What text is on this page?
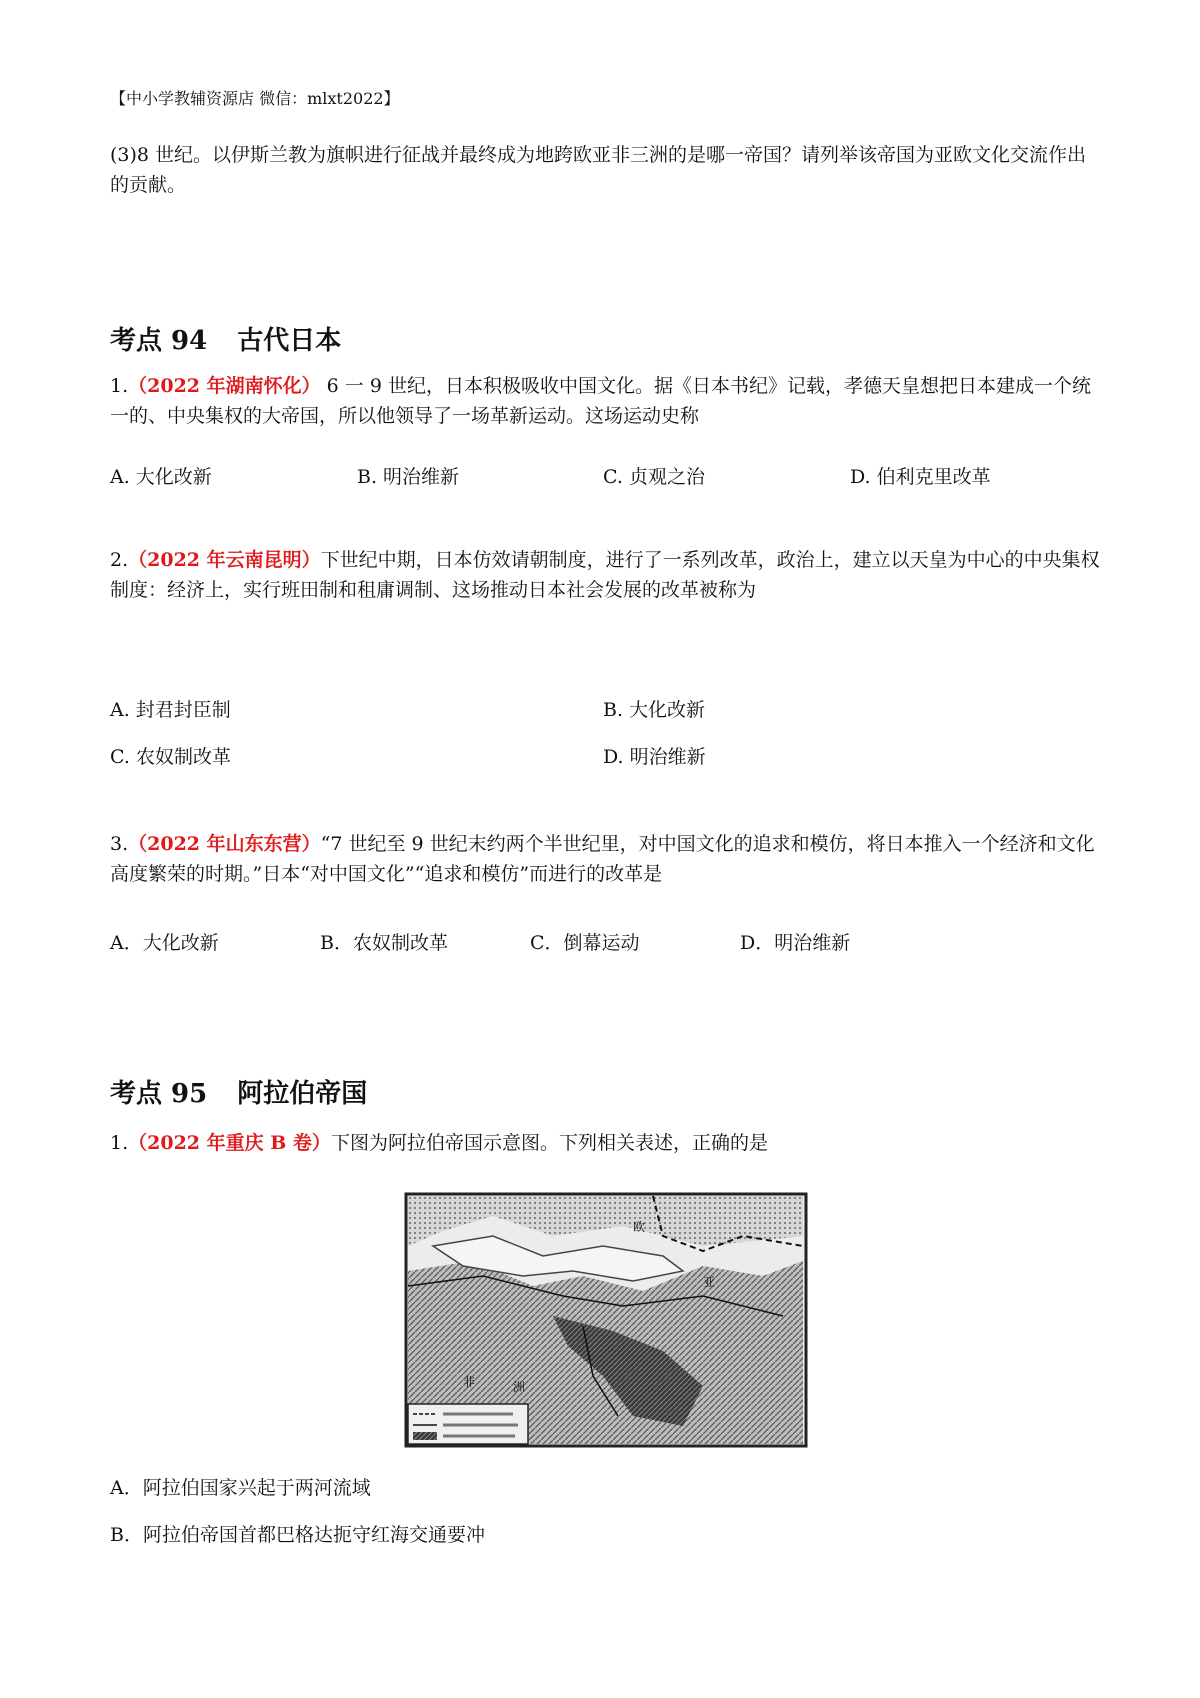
【中小学教辅资源店 微信：mlxt2022】
(3)8 世纪。以伊斯兰教为旗帜进行征战并最终成为地跨欧亚非三洲的是哪一帝国？请列举该帝国为亚欧文化交流作出的贡献。
考点 94 古代日本
1.（2022 年湖南怀化） 6 一 9 世纪，日本积极吸收中国文化。据《日本书纪》记载，孝德天皇想把日本建成一个统一的、中央集权的大帝国，所以他领导了一场革新运动。这场运动史称
A. 大化改新	B. 明治维新	C. 贞观之治	D. 伯利克里改革
2.（2022 年云南昆明）下世纪中期，日本仿效请朝制度，进行了一系列改革，政治上，建立以天皇为中心的中央集权制度：经济上，实行班田制和租庸调制、这场推动日本社会发展的改革被称为
A. 封君封臣制	B. 大化改新
C. 农奴制改革	D. 明治维新
3.（2022 年山东东营）“7 世纪至 9 世纪末约两个半世纪里，对中国文化的追求和模仿，将日本推入一个经济和文化高度繁荣的时期。”日本“对中国文化”“追求和模仿”而进行的改革是
A．大化改新	B．农奴制改革	C．倒幕运动	D．明治维新
考点 95 阿拉伯帝国
1.（2022 年重庆 B 卷）下图为阿拉伯帝国示意图。下列相关表述，正确的是
欧
亚
非	洲
A．阿拉伯国家兴起于两河流域
B．阿拉伯帝国首都巴格达扼守红海交通要冲
